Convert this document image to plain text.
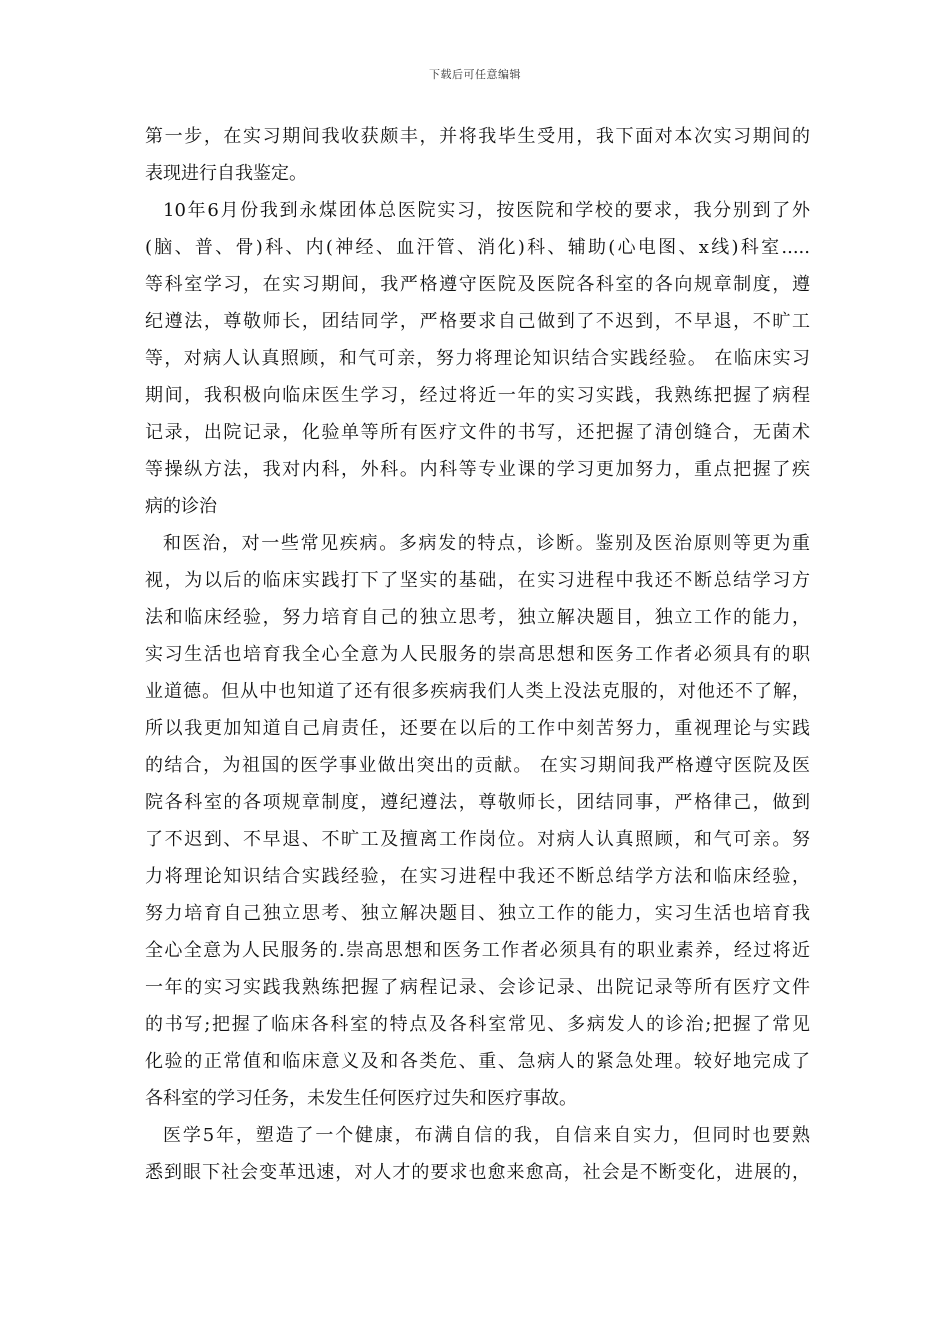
下载后可任意编辑
第一步，在实习期间我收获颇丰，并将我毕生受用，我下面对本次实习期间的
表现进行自我鉴定。
10年6月份我到永煤团体总医院实习，按医院和学校的要求，我分别到了外
(脑、普、骨)科、内(神经、血汗管、消化)科、辅助(心电图、x线)科室.....
等科室学习，在实习期间，我严格遵守医院及医院各科室的各向规章制度，遵
纪遵法，尊敬师长，团结同学，严格要求自己做到了不迟到，不早退，不旷工
等，对病人认真照顾，和气可亲，努力将理论知识结合实践经验。 在临床实习
期间，我积极向临床医生学习，经过将近一年的实习实践，我熟练把握了病程
记录，出院记录，化验单等所有医疗文件的书写，还把握了清创缝合，无菌术
等操纵方法，我对内科，外科。内科等专业课的学习更加努力，重点把握了疾
病的诊治
和医治，对一些常见疾病。多病发的特点，诊断。鉴别及医治原则等更为重
视，为以后的临床实践打下了坚实的基础，在实习进程中我还不断总结学习方
法和临床经验，努力培育自己的独立思考，独立解决题目，独立工作的能力，
实习生活也培育我全心全意为人民服务的崇高思想和医务工作者必须具有的职
业道德。但从中也知道了还有很多疾病我们人类上没法克服的，对他还不了解，
所以我更加知道自己肩责任，还要在以后的工作中刻苦努力，重视理论与实践
的结合，为祖国的医学事业做出突出的贡献。 在实习期间我严格遵守医院及医
院各科室的各项规章制度，遵纪遵法，尊敬师长，团结同事，严格律己，做到
了不迟到、不早退、不旷工及擅离工作岗位。对病人认真照顾，和气可亲。努
力将理论知识结合实践经验，在实习进程中我还不断总结学方法和临床经验，
努力培育自己独立思考、独立解决题目、独立工作的能力，实习生活也培育我
全心全意为人民服务的.崇高思想和医务工作者必须具有的职业素养，经过将近
一年的实习实践我熟练把握了病程记录、会诊记录、出院记录等所有医疗文件
的书写;把握了临床各科室的特点及各科室常见、多病发人的诊治;把握了常见
化验的正常值和临床意义及和各类危、重、急病人的紧急处理。较好地完成了
各科室的学习任务，未发生任何医疗过失和医疗事故。
医学5年，塑造了一个健康，布满自信的我，自信来自实力，但同时也要熟
悉到眼下社会变革迅速，对人才的要求也愈来愈高，社会是不断变化，进展的，
